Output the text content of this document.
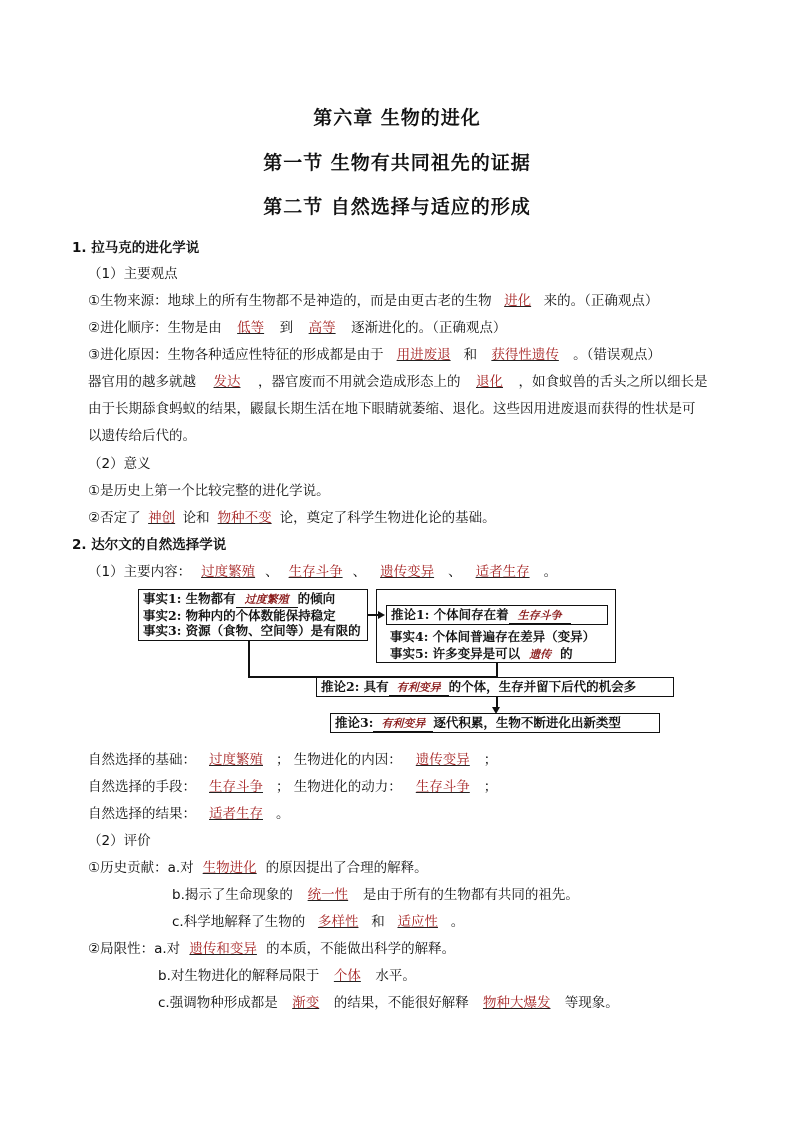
第六章 生物的进化
第一节 生物有共同祖先的证据
第二节 自然选择与适应的形成
1. 拉马克的进化学说
（1）主要观点
①生物来源：地球上的所有生物都不是神造的，而是由更古老的生物 进化 来的。（正确观点）
②进化顺序：生物是由 低等 到 高等 逐渐进化的。（正确观点）
③进化原因：生物各种适应性特征的形成都是由于 用进废退 和 获得性遗传 。（错误观点）
器官用的越多就越 发达 ，器官废而不用就会造成形态上的 退化 ，如食蚁兽的舌头之所以细长是
由于长期舔食蚂蚁的结果，鼹鼠长期生活在地下眼睛就萎缩、退化。这些因用进废退而获得的性状是可
以遗传给后代的。
（2）意义
①是历史上第一个比较完整的进化学说。
②否定了 神创 论和 物种不变 论，奠定了科学生物进化论的基础。
2. 达尔文的自然选择学说
（1）主要内容： 过度繁殖 、 生存斗争 、 遗传变异 、 适者生存 。
事实1: 生物都有 过度繁殖 的倾向
事实2: 物种内的个体数能保持稳定
事实3: 资源（食物、空间等）是有限的
推论1: 个体间存在着 生存斗争
事实4: 个体间普遍存在差异（变异）
事实5: 许多变异是可以 遗传 的
推论2: 具有 有利变异 的个体，生存并留下后代的机会多
推论3: 有利变异 逐代积累，生物不断进化出新类型
自然选择的基础： 过度繁殖 ； 生物进化的内因： 遗传变异 ；
自然选择的手段： 生存斗争 ； 生物进化的动力： 生存斗争 ；
自然选择的结果： 适者生存 。
（2）评价
①历史贡献：a.对 生物进化 的原因提出了合理的解释。
b.揭示了生命现象的 统一性 是由于所有的生物都有共同的祖先。
c.科学地解释了生物的 多样性 和 适应性 。
②局限性：a.对 遗传和变异 的本质，不能做出科学的解释。
b.对生物进化的解释局限于 个体 水平。
c.强调物种形成都是 渐变 的结果，不能很好解释 物种大爆发 等现象。
